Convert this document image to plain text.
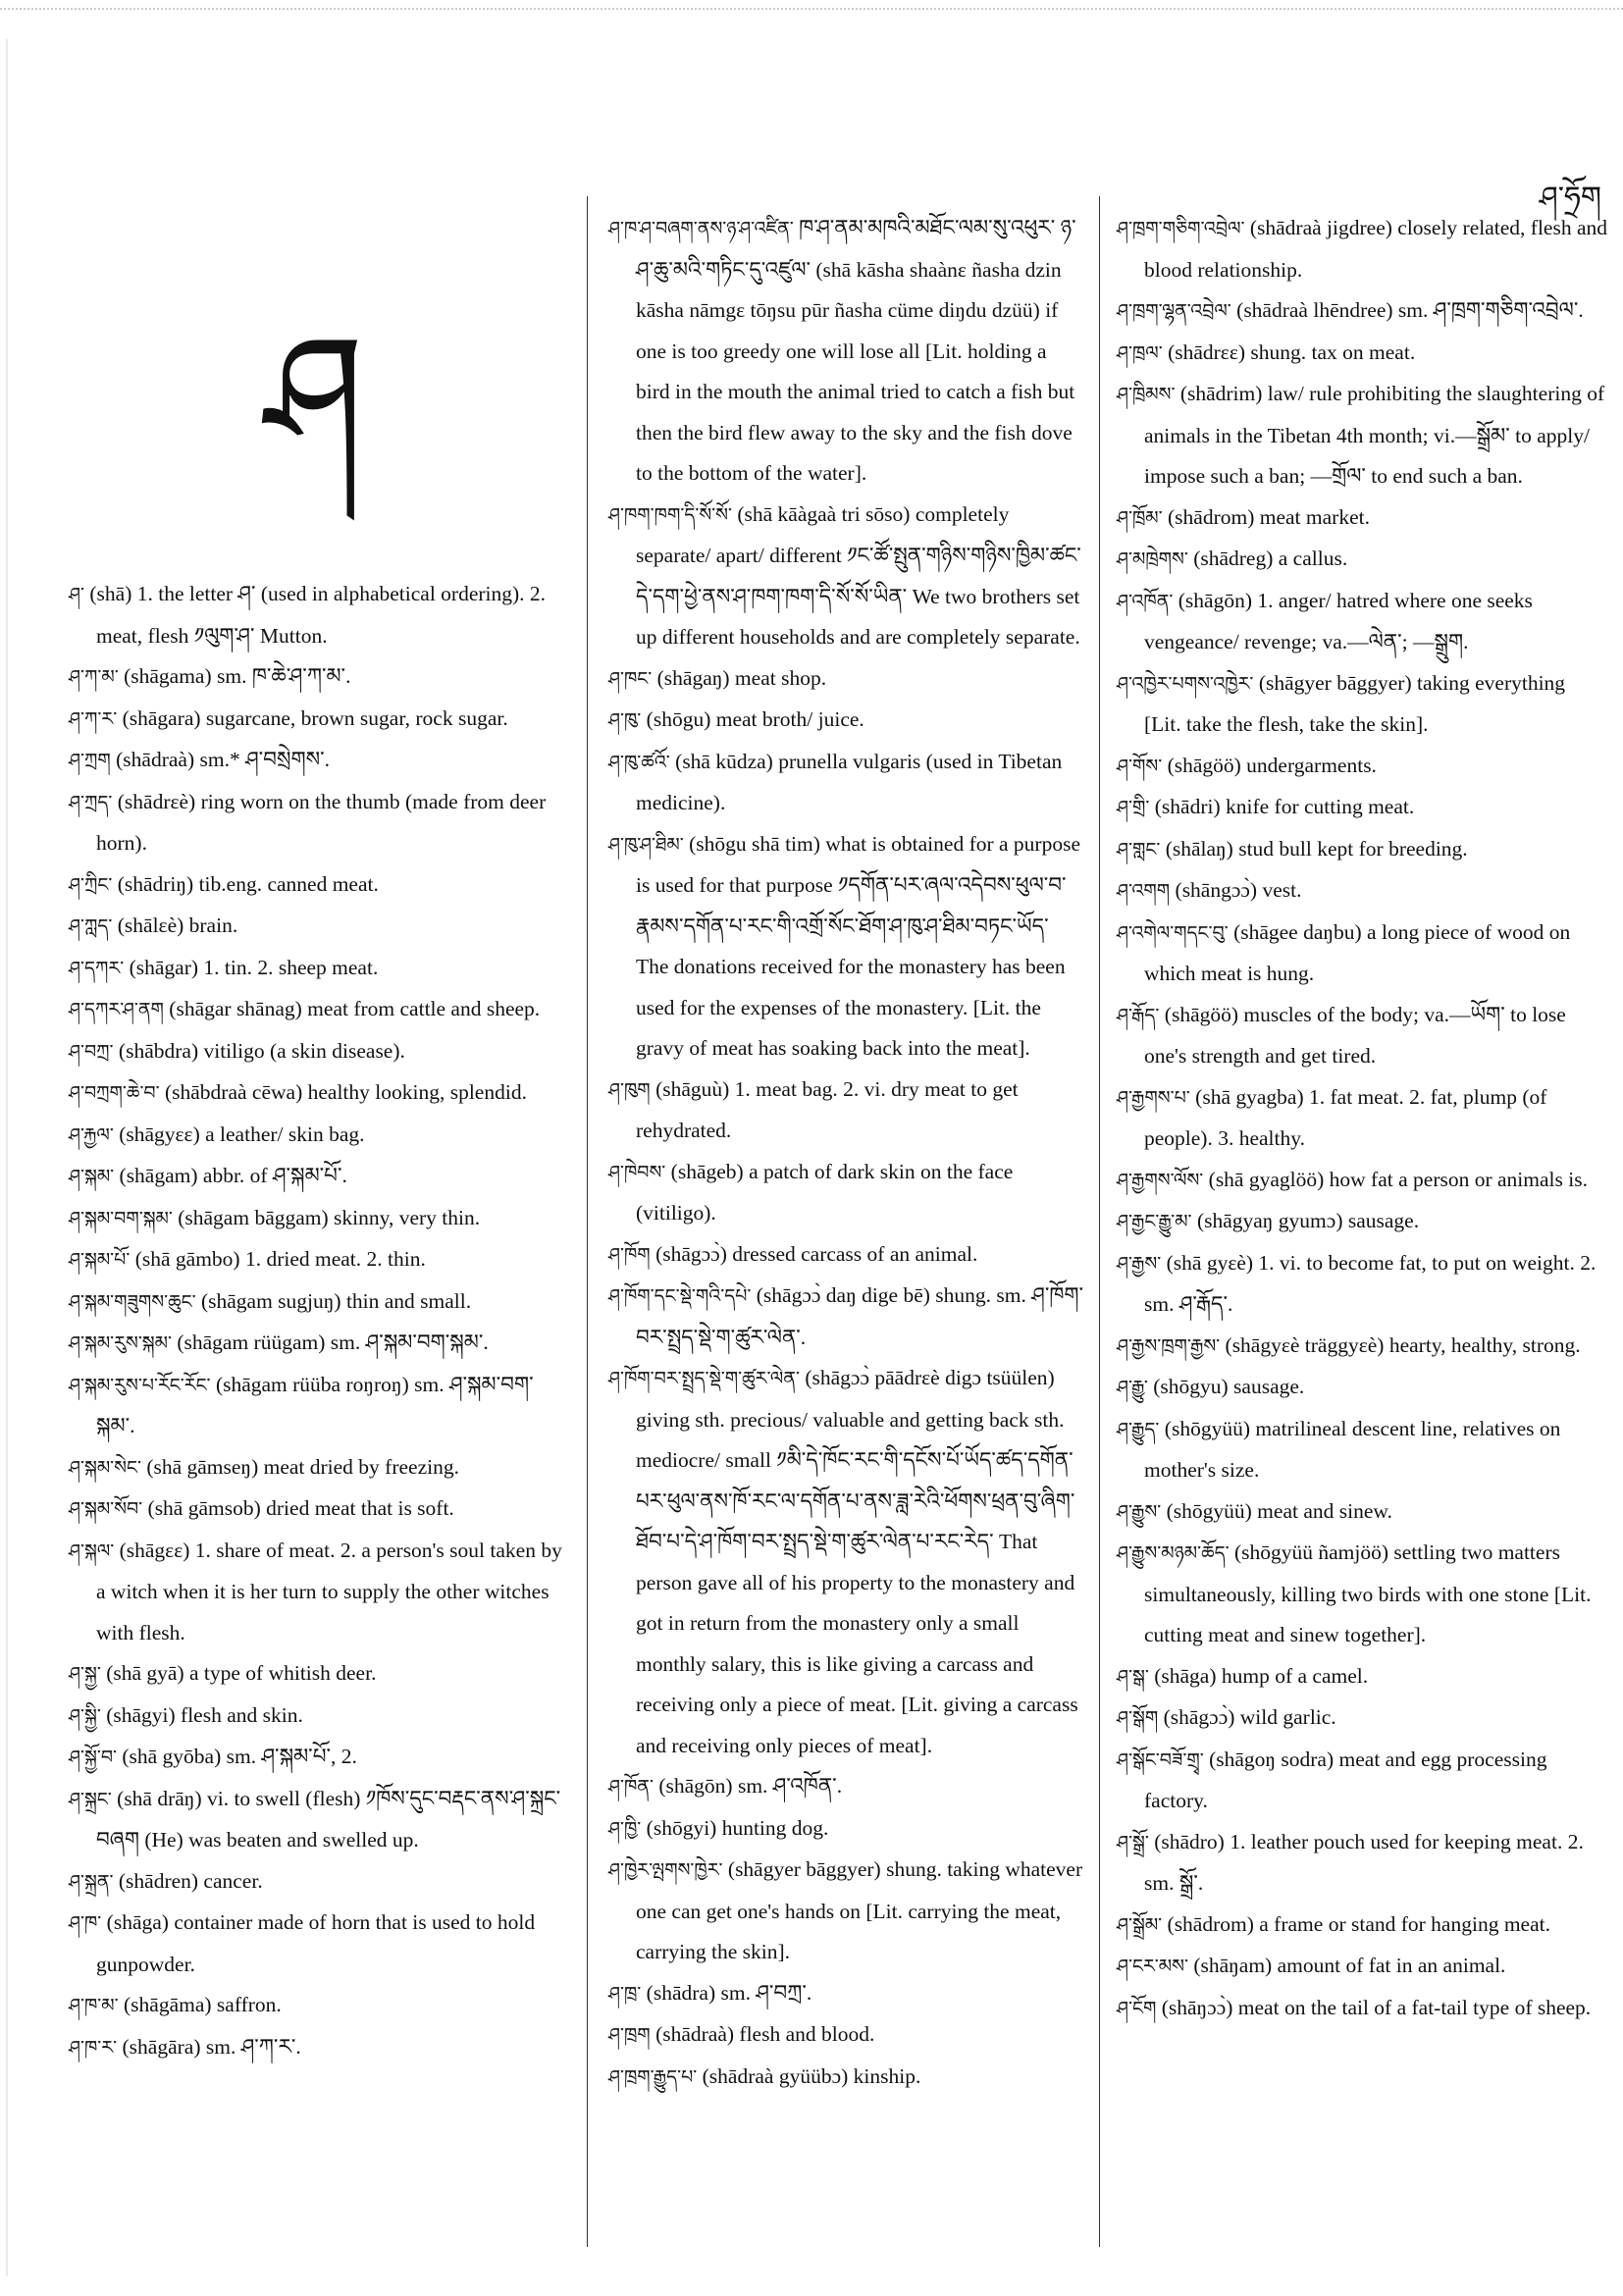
ཤ་ཧྲོག
ཤ

ཤ་ (shā) 1. the letter ཤ་ (used in alphabetical ordering). 2. meat, flesh ༡ལུག་ཤ་ Mutton.

ཤ་ཀ་མ་ (shāgama) sm. ཁ་ཆེ་ཤ་ཀ་མ་.

ཤ་ཀ་ར་ (shāgara) sugarcane, brown sugar, rock sugar.

ཤ་ཀྲག (shādraà) sm.* ཤ་བསྲེགས་.

ཤ་ཀྲད་ (shādrɛè) ring worn on the thumb (made from deer horn).

ཤ་ཀྲིང་ (shādriŋ) tib.eng. canned meat.

ཤ་ཀླད་ (shālɛè) brain.

ཤ་དཀར་ (shāgar) 1. tin. 2. sheep meat.

ཤ་དཀར་ཤ་ནག (shāgar shānag) meat from cattle and sheep.

ཤ་བཀྲ་ (shābdra) vitiligo (a skin disease).

ཤ་བཀྲག་ཆེ་བ་ (shābdraà cēwa) healthy looking, splendid.

ཤ་རྐྱལ་ (shāgyɛɛ) a leather/ skin bag.

ཤ་སྐམ་ (shāgam) abbr. of ཤ་སྐམ་པོ་.

ཤ་སྐམ་བག་སྐམ་ (shāgam bāggam) skinny, very thin.

ཤ་སྐམ་པོ་ (shā gāmbo) 1. dried meat. 2. thin.

ཤ་སྐམ་གཟུགས་ཆུང་ (shāgam sugjuŋ) thin and small.

ཤ་སྐམ་རུས་སྐམ་ (shāgam rüügam) sm. ཤ་སྐམ་བག་སྐམ་.

ཤ་སྐམ་རུས་པ་རོང་རོང་ (shāgam rüüba roŋroŋ) sm. ཤ་སྐམ་བག་སྐམ་.

ཤ་སྐམ་སེང་ (shā gāmseŋ) meat dried by freezing.

ཤ་སྐམ་སོབ་ (shā gāmsob) dried meat that is soft.

ཤ་སྐལ་ (shāgɛɛ) 1. share of meat. 2. a person's soul taken by a witch when it is her turn to supply the other witches with flesh.

ཤ་སྐྱ་ (shā gyā) a type of whitish deer.

ཤ་སྐྱི་ (shāgyi) flesh and skin.

ཤ་སྐྱོ་བ་ (shā gyōba) sm. ཤ་སྐམ་པོ་, 2.

ཤ་སྐྲང་ (shā drāŋ) vi. to swell (flesh) ༡ཁོས་དུང་བརྡང་ནས་ཤ་སྐྲང་བཞག (He) was beaten and swelled up.

ཤ་སྐྲན་ (shādren) cancer.

ཤ་ཁ་ (shāga) container made of horn that is used to hold gunpowder.

ཤ་ཁ་མ་ (shāgāma) saffron.

ཤ་ཁ་ར་ (shāgāra) sm. ཤ་ཀ་ར་.

ཤ་ཁ་ཤ་བཞག་ནས་ཉ་ཤ་འཛིན་ ཁ་ཤ་ནམ་མཁའི་མཐོང་ལམ་སུ་འཕུར་ ཉ་ཤ་ཆུ་མའི་གཏིང་དུ་འཛུལ་ (shā kāsha shaànɛ ñasha dzin kāsha nāmgɛ tōŋsu pūr ñasha cüme diŋdu dzüü) if one is too greedy one will lose all [Lit. holding a bird in the mouth the animal tried to catch a fish but then the bird flew away to the sky and the fish dove to the bottom of the water].

ཤ་ཁག་ཁག་དི་སོ་སོ་ (shā kāàgaà tri sōso) completely separate/ apart/ different ༡ང་ཚོ་སྤུན་གཉིས་གཉིས་ཁྱིམ་ཚང་དེ་དག་ཕྱེ་ནས་ཤ་ཁག་ཁག་དི་སོ་སོ་ཡིན་ We two brothers set up different households and are completely separate.

ཤ་ཁང་ (shāgaŋ) meat shop.

ཤ་ཁུ་ (shōgu) meat broth/ juice.

ཤ་ཁུ་ཚའོ་ (shā kūdza) prunella vulgaris (used in Tibetan medicine).

ཤ་ཁུ་ཤ་ཐིམ་ (shōgu shā tim) what is obtained for a purpose is used for that purpose ༡དགོན་པར་ཞལ་འདེབས་ཕུལ་བ་རྣམས་དགོན་པ་རང་གི་འགྲོ་སོང་ཐོག་ཤ་ཁུ་ཤ་ཐིམ་བཏང་ཡོད་ The donations received for the monastery has been used for the expenses of the monastery. [Lit. the gravy of meat has soaking back into the meat].

ཤ་ཁུག (shāguù) 1. meat bag. 2. vi. dry meat to get rehydrated.

ཤ་ཁེབས་ (shāgeb) a patch of dark skin on the face (vitiligo).

ཤ་ཁོག (shāgɔɔ̀) dressed carcass of an animal.

ཤ་ཁོག་དང་སྡེ་གའི་དཔེ་ (shāgɔɔ̀ daŋ dige bē) shung. sm. ཤ་ཁོག་བར་སྤྲད་སྡེ་ག་ཚུར་ལེན་.

ཤ་ཁོག་བར་སྤྲད་སྡེ་ག་ཚུར་ལེན་ (shāgɔɔ̀ pāādrɛè digɔ tsüülen) giving sth. precious/ valuable and getting back sth. mediocre/ small ༡མི་དེ་ཁོང་རང་གི་དངོས་པོ་ཡོད་ཚད་དགོན་པར་ཕུལ་ནས་ཁོ་རང་ལ་དགོན་པ་ནས་ཟླ་རེའི་ཕོགས་ཕྲན་བུ་ཞིག་ཐོབ་པ་དེ་ཤ་ཁོག་བར་སྤྲད་སྡེ་ག་ཚུར་ལེན་པ་རང་རེད་ That person gave all of his property to the monastery and got in return from the monastery only a small monthly salary, this is like giving a carcass and receiving only a piece of meat. [Lit. giving a carcass and receiving only pieces of meat].

ཤ་ཁོན་ (shāgōn) sm. ཤ་འཁོན་.

ཤ་ཁྱི་ (shōgyi) hunting dog.

ཤ་ཁྱེར་ལྤགས་ཁྱེར་ (shāgyer bāggyer) shung. taking whatever one can get one's hands on [Lit. carrying the meat, carrying the skin].

ཤ་ཁྲ་ (shādra) sm. ཤ་བཀྲ་.

ཤ་ཁྲག (shādraà) flesh and blood.

ཤ་ཁྲག་རྒྱུད་པ་ (shādraà gyüübɔ) kinship.

ཤ་ཁྲག་གཅིག་འབྲེལ་ (shādraà jigdree) closely related, flesh and blood relationship.

ཤ་ཁྲག་ལྷན་འབྲེལ་ (shādraà lhēndree) sm. ཤ་ཁྲག་གཅིག་འབྲེལ་.

ཤ་ཁྲལ་ (shādrɛɛ) shung. tax on meat.

ཤ་ཁྲིམས་ (shādrim) law/ rule prohibiting the slaughtering of animals in the Tibetan 4th month; vi.—སྒྲོམ་ to apply/ impose such a ban; —གྲོལ་ to end such a ban.

ཤ་ཁྲོམ་ (shādrom) meat market.

ཤ་མཁྲེགས་ (shādreg) a callus.

ཤ་འཁོན་ (shāgōn) 1. anger/ hatred where one seeks vengeance/ revenge; va.—ལེན་; —སྒྲུག.

ཤ་འཁྱེར་པགས་འཁྱེར་ (shāgyer bāggyer) taking everything [Lit. take the flesh, take the skin].

ཤ་གོས་ (shāgöö) undergarments.

ཤ་གྲི་ (shādri) knife for cutting meat.

ཤ་གླང་ (shālaŋ) stud bull kept for breeding.

ཤ་འགག (shāngɔɔ̀) vest.

ཤ་འགེལ་གདང་བུ་ (shāgee daŋbu) a long piece of wood on which meat is hung.

ཤ་རྒོད་ (shāgöö) muscles of the body; va.—ཡོག་ to lose one's strength and get tired.

ཤ་རྒྱགས་པ་ (shā gyagba) 1. fat meat. 2. fat, plump (of people). 3. healthy.

ཤ་རྒྱགས་ལོས་ (shā gyaglöö) how fat a person or animals is.

ཤ་རྒྱང་རྒྱུ་མ་ (shāgyaŋ gyumɔ) sausage.

ཤ་རྒྱས་ (shā gyɛè) 1. vi. to become fat, to put on weight. 2. sm. ཤ་རྒོད་.

ཤ་རྒྱས་ཁྲག་རྒྱས་ (shāgyɛè träggyɛè) hearty, healthy, strong.

ཤ་རྒྱུ་ (shōgyu) sausage.

ཤ་རྒྱུད་ (shōgyüü) matrilineal descent line, relatives on mother's size.

ཤ་རྒྱུས་ (shōgyüü) meat and sinew.

ཤ་རྒྱུས་མཉམ་ཆོད་ (shōgyüü ñamjöö) settling two matters simultaneously, killing two birds with one stone [Lit. cutting meat and sinew together].

ཤ་སྒ་ (shāga) hump of a camel.

ཤ་སྒོག (shāgɔɔ̀) wild garlic.

ཤ་སྒོང་བཟོ་གྲྭ་ (shāgoŋ sodra) meat and egg processing factory.

ཤ་སྒྲོ་ (shādro) 1. leather pouch used for keeping meat. 2. sm. སྒྲོ་.

ཤ་སྒྲོམ་ (shādrom) a frame or stand for hanging meat.

ཤ་ངར་མས་ (shāŋam) amount of fat in an animal.

ཤ་ངོག (shāŋɔɔ̀) meat on the tail of a fat-tail type of sheep.
